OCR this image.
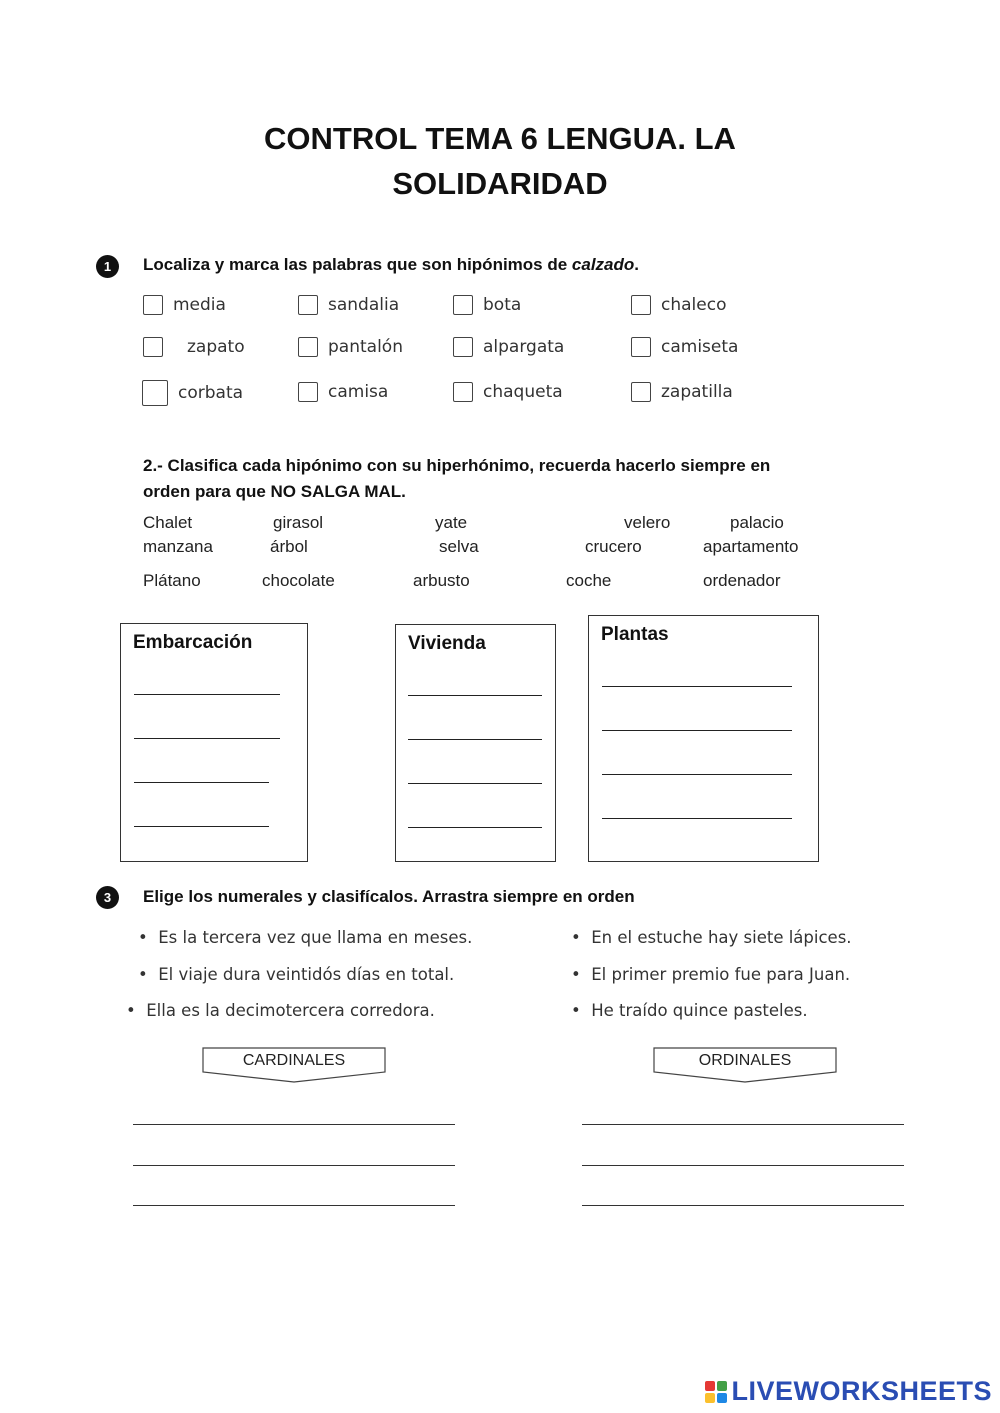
CONTROL TEMA 6 LENGUA. LA
SOLIDARIDAD
1	Localiza y marca las palabras que son hipónimos de calzado.
media	sandalia	bota	chaleco
zapato	pantalón	alpargata	camiseta
corbata	camisa	chaqueta	zapatilla
2.- Clasifica cada hipónimo con su hiperhónimo, recuerda hacerlo siempre en
orden para que NO SALGA MAL.
Chalet	girasol	yate	velero	palacio
manzana	árbol	selva	crucero	apartamento
Plátano	chocolate	arbusto	coche	ordenador
Embarcación	Vivienda	Plantas
3	Elige los numerales y clasifícalos. Arrastra siempre en orden
• Es la tercera vez que llama en meses.
• El viaje dura veintidós días en total.
• Ella es la decimotercera corredora.
• En el estuche hay siete lápices.
• El primer premio fue para Juan.
• He traído quince pasteles.
CARDINALES	ORDINALES
LIVEWORKSHEETS
